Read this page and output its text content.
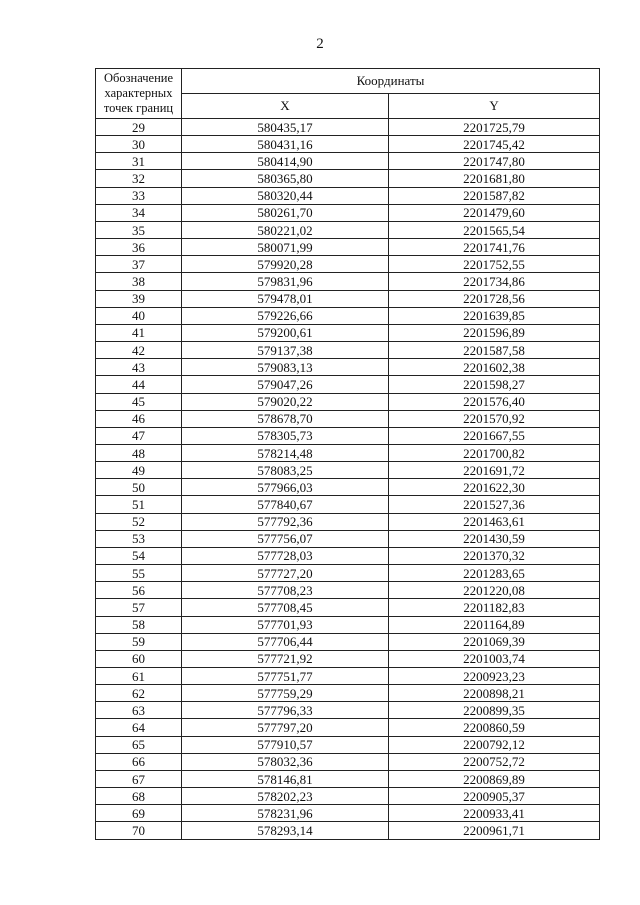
2
Обозначение характерных точек границ	Координаты	
	X	Y
29	580435,17	2201725,79
30	580431,16	2201745,42
31	580414,90	2201747,80
32	580365,80	2201681,80
33	580320,44	2201587,82
34	580261,70	2201479,60
35	580221,02	2201565,54
36	580071,99	2201741,76
37	579920,28	2201752,55
38	579831,96	2201734,86
39	579478,01	2201728,56
40	579226,66	2201639,85
41	579200,61	2201596,89
42	579137,38	2201587,58
43	579083,13	2201602,38
44	579047,26	2201598,27
45	579020,22	2201576,40
46	578678,70	2201570,92
47	578305,73	2201667,55
48	578214,48	2201700,82
49	578083,25	2201691,72
50	577966,03	2201622,30
51	577840,67	2201527,36
52	577792,36	2201463,61
53	577756,07	2201430,59
54	577728,03	2201370,32
55	577727,20	2201283,65
56	577708,23	2201220,08
57	577708,45	2201182,83
58	577701,93	2201164,89
59	577706,44	2201069,39
60	577721,92	2201003,74
61	577751,77	2200923,23
62	577759,29	2200898,21
63	577796,33	2200899,35
64	577797,20	2200860,59
65	577910,57	2200792,12
66	578032,36	2200752,72
67	578146,81	2200869,89
68	578202,23	2200905,37
69	578231,96	2200933,41
70	578293,14	2200961,71
